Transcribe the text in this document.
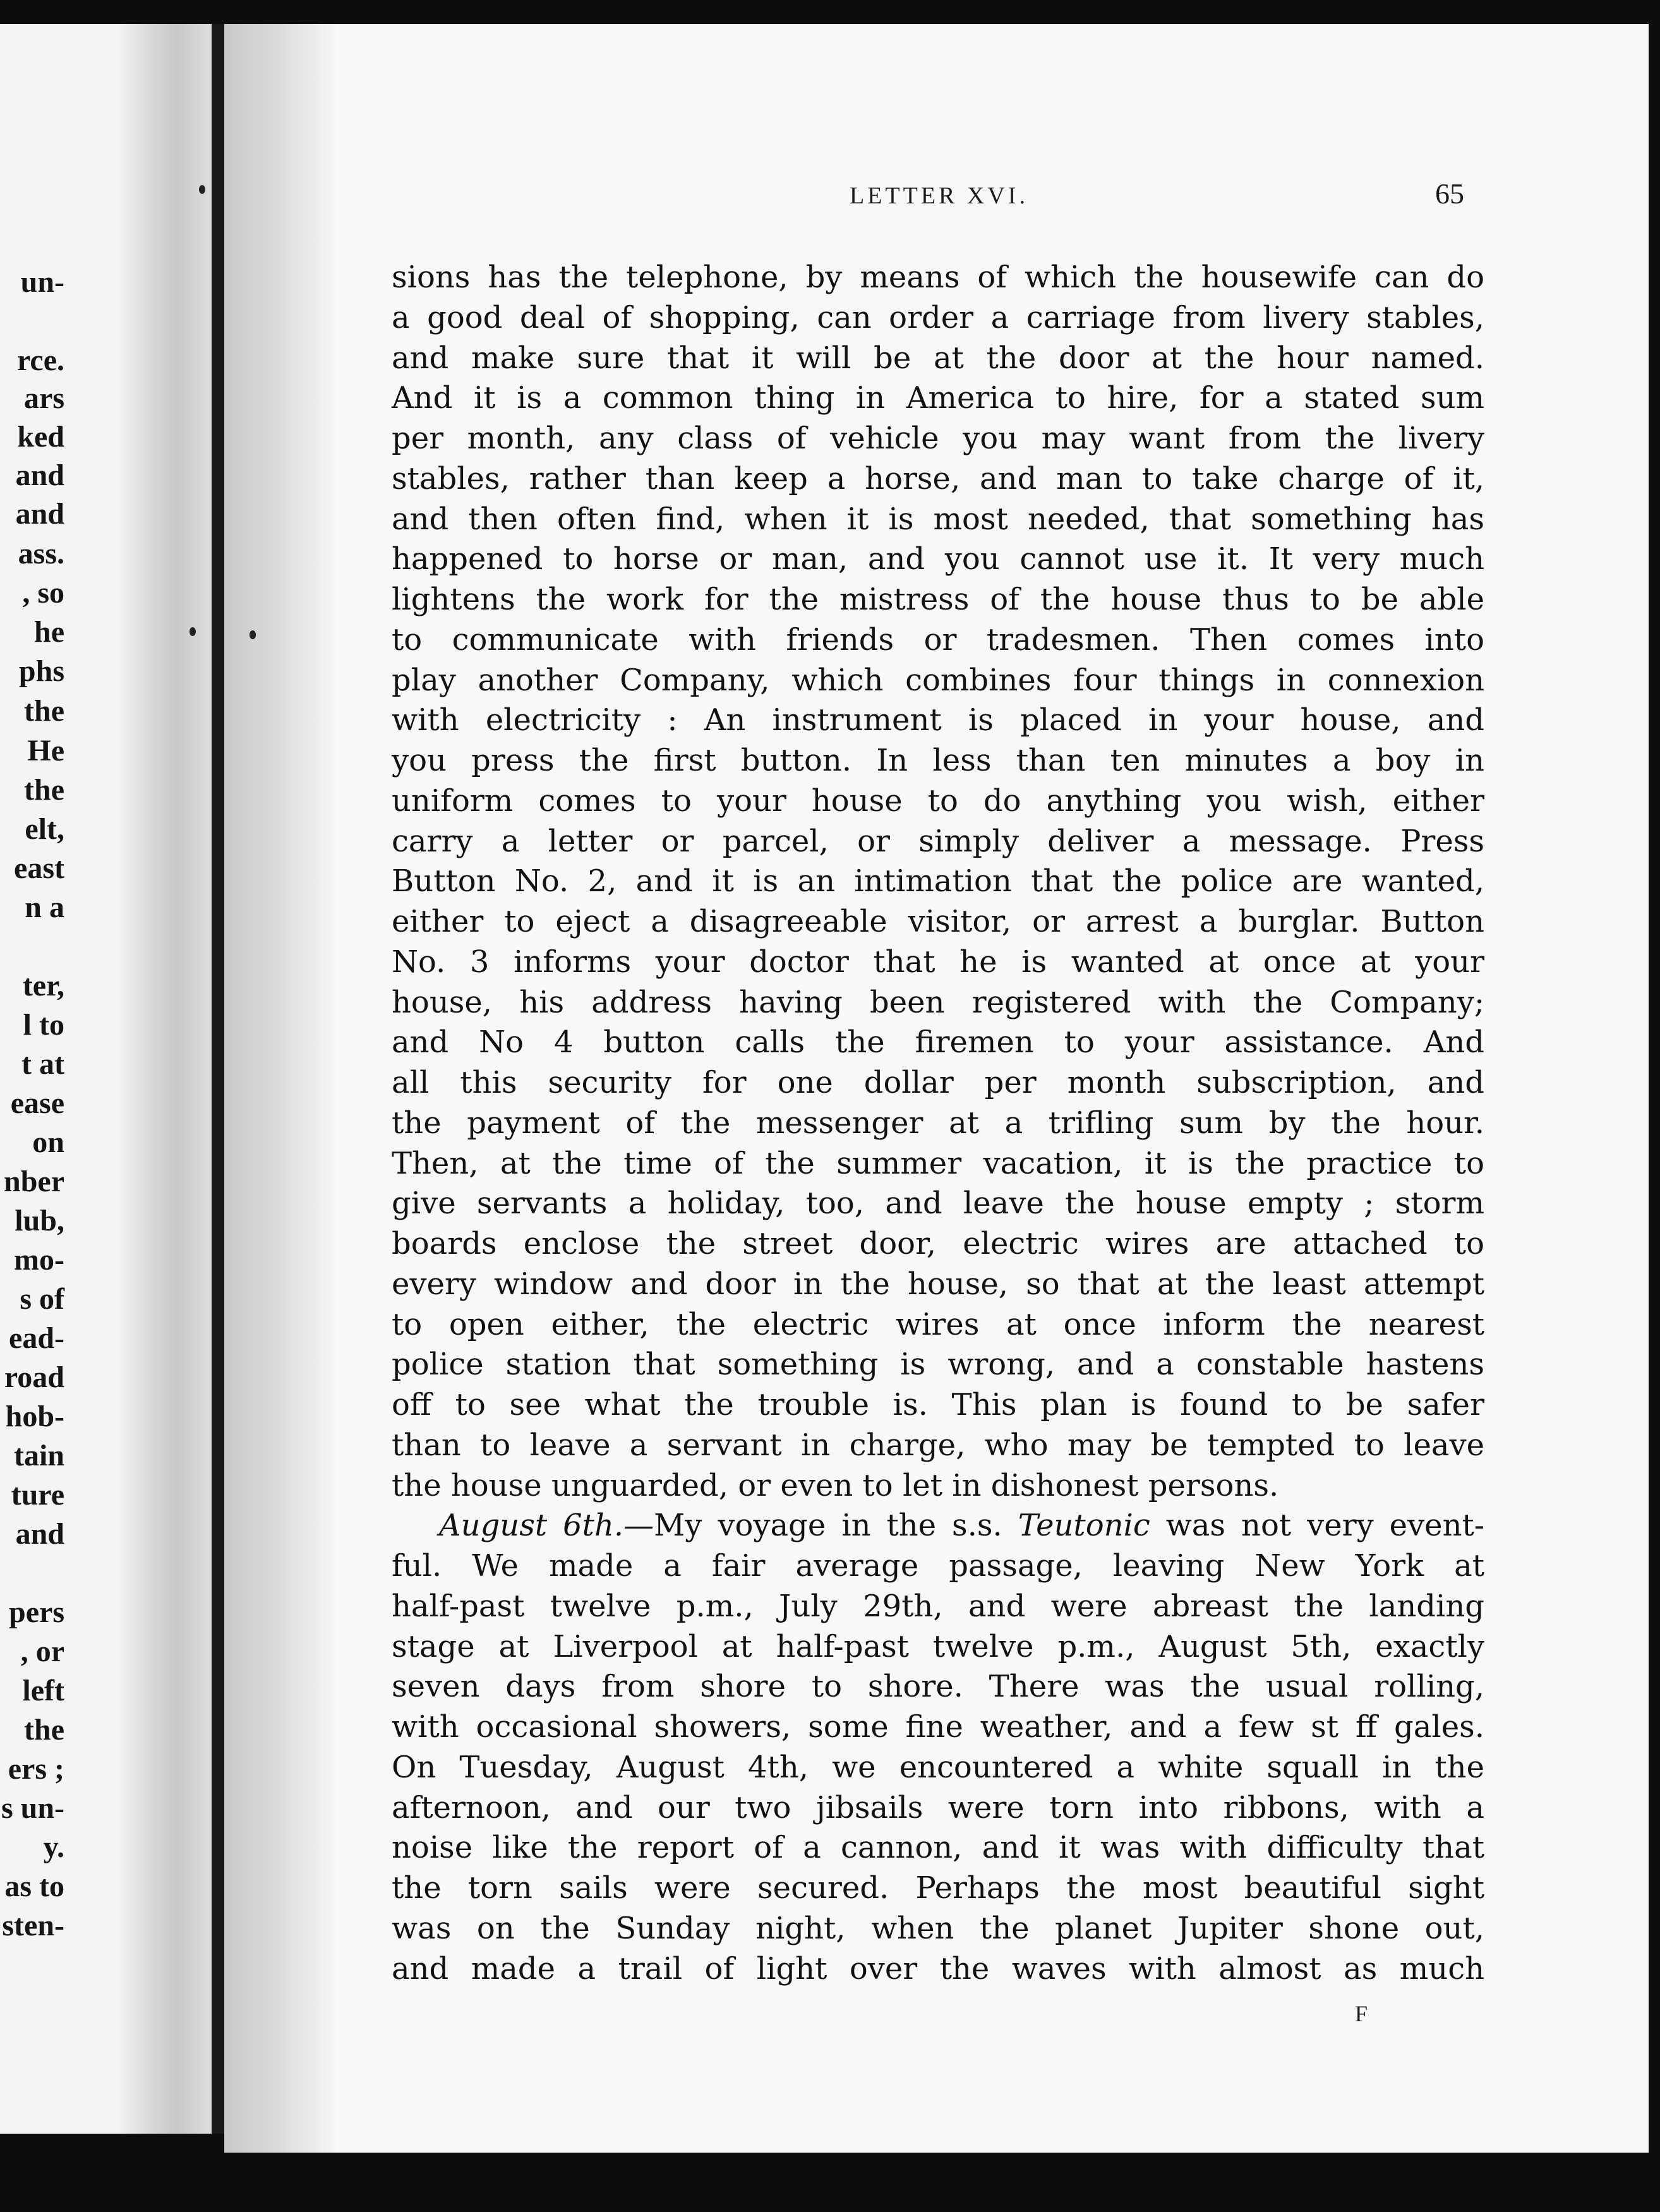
un-
rce.
ars
ked
and
and
ass.
, so
he
phs
the
He
the
elt,
east
n a
ter,
l to
t at
ease
on
nber
lub,
mo-
s of
ead-
road
hob-
tain
ture
and
pers
, or
left
the
ers ;
s un-
y.
as to
sten-
LETTER XVI.	65
sions has the telephone, by means of which the housewife can do
a good deal of shopping, can order a carriage from livery stables,
and make sure that it will be at the door at the hour named.
And it is a common thing in America to hire, for a stated sum
per month, any class of vehicle you may want from the livery
stables, rather than keep a horse, and man to take charge of it,
and then often find, when it is most needed, that something has
happened to horse or man, and you cannot use it. It very much
lightens the work for the mistress of the house thus to be able
to communicate with friends or tradesmen. Then comes into
play another Company, which combines four things in connexion
with electricity : An instrument is placed in your house, and
you press the first button. In less than ten minutes a boy in
uniform comes to your house to do anything you wish, either
carry a letter or parcel, or simply deliver a message. Press
Button No. 2, and it is an intimation that the police are wanted,
either to eject a disagreeable visitor, or arrest a burglar. Button
No. 3 informs your doctor that he is wanted at once at your
house, his address having been registered with the Company;
and No 4 button calls the firemen to your assistance. And
all this security for one dollar per month subscription, and
the payment of the messenger at a trifling sum by the hour.
Then, at the time of the summer vacation, it is the practice to
give servants a holiday, too, and leave the house empty ; storm
boards enclose the street door, electric wires are attached to
every window and door in the house, so that at the least attempt
to open either, the electric wires at once inform the nearest
police station that something is wrong, and a constable hastens
off to see what the trouble is. This plan is found to be safer
than to leave a servant in charge, who may be tempted to leave
the house unguarded, or even to let in dishonest persons.
August 6th.—My voyage in the s.s. Teutonic was not very event-
ful. We made a fair average passage, leaving New York at
half-past twelve p.m., July 29th, and were abreast the landing
stage at Liverpool at half-past twelve p.m., August 5th, exactly
seven days from shore to shore. There was the usual rolling,
with occasional showers, some fine weather, and a few st ff gales.
On Tuesday, August 4th, we encountered a white squall in the
afternoon, and our two jibsails were torn into ribbons, with a
noise like the report of a cannon, and it was with difficulty that
the torn sails were secured. Perhaps the most beautiful sight
was on the Sunday night, when the planet Jupiter shone out,
and made a trail of light over the waves with almost as much
F
